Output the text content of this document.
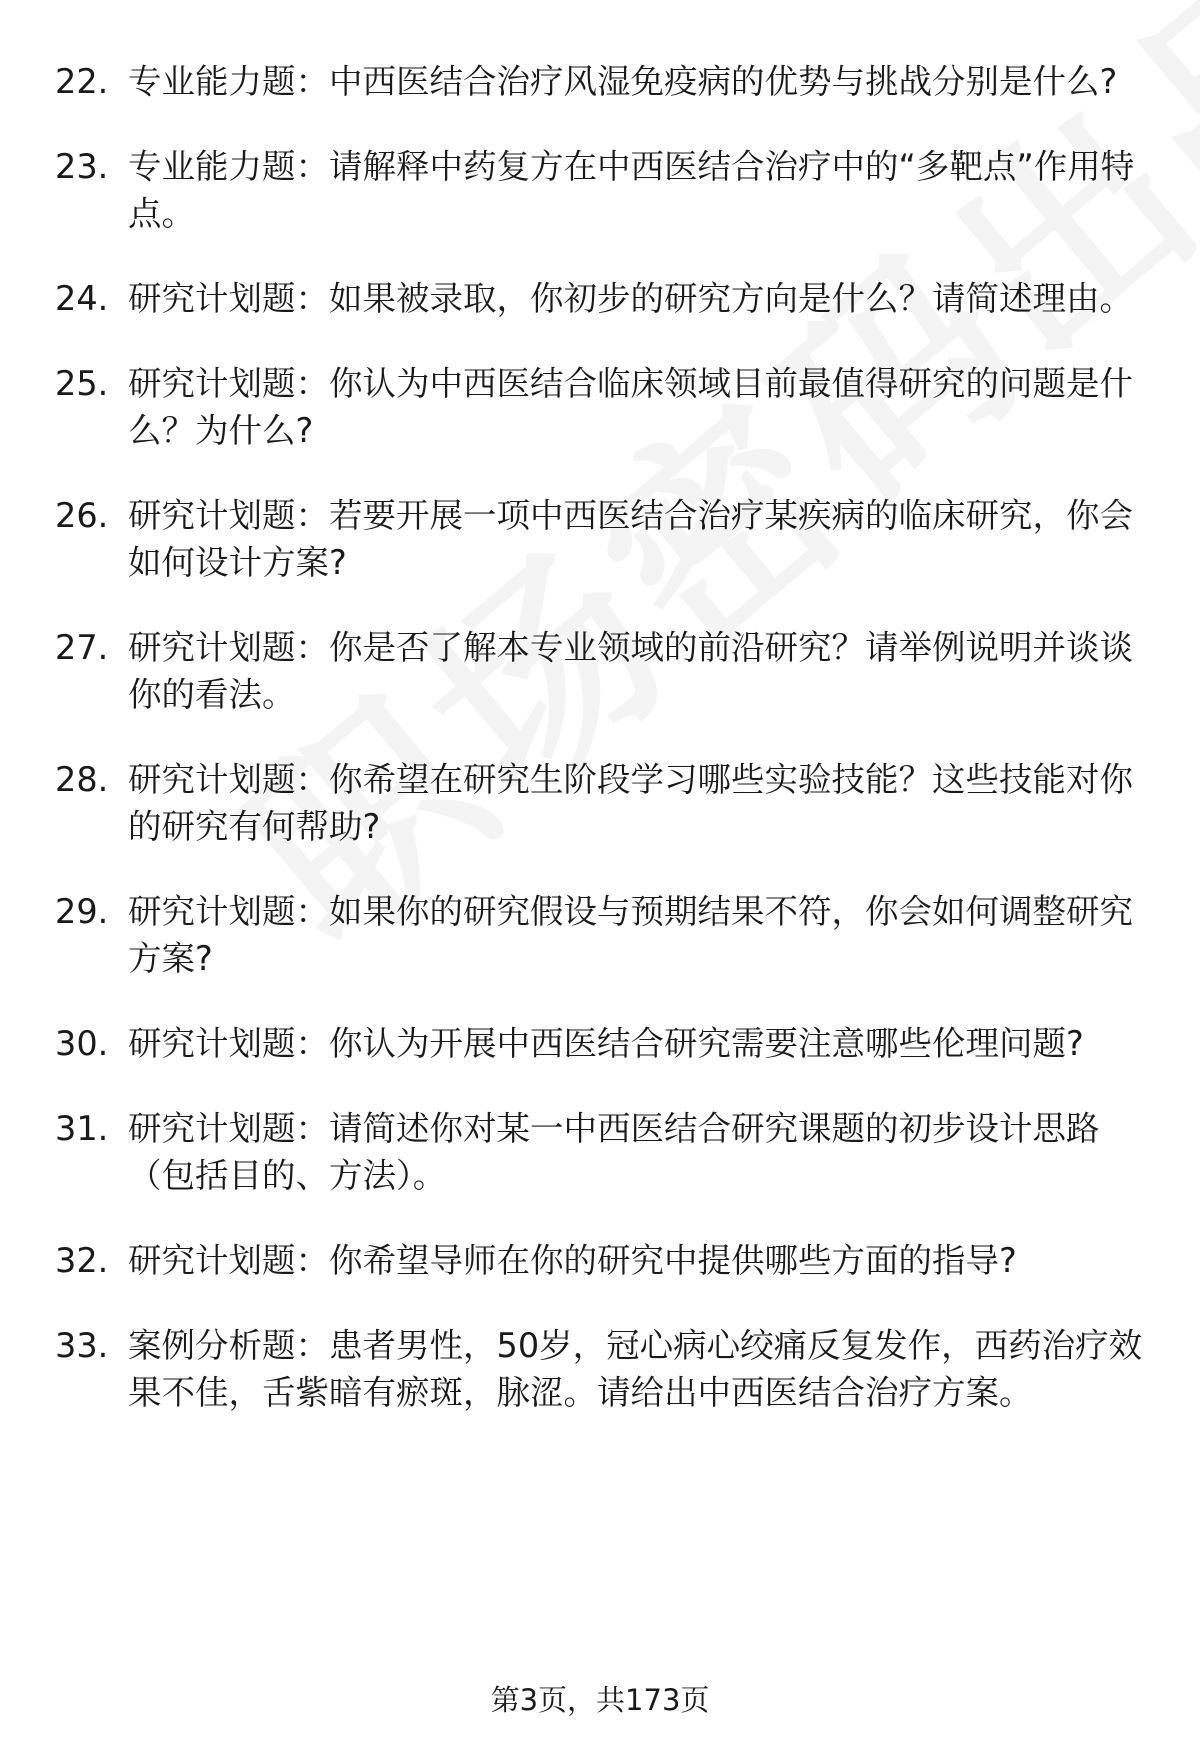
22. 专业能力题：中西医结合治疗风湿免疫病的优势与挑战分别是什么?
23. 专业能力题：请解释中药复方在中西医结合治疗中的“多靶点”作用特点。
24. 研究计划题：如果被录取，你初步的研究方向是什么？请简述理由。
25. 研究计划题：你认为中西医结合临床领域目前最值得研究的问题是什么？为什么?
26. 研究计划题：若要开展一项中西医结合治疗某疾病的临床研究，你会如何设计方案?
27. 研究计划题：你是否了解本专业领域的前沿研究？请举例说明并谈谈你的看法。
28. 研究计划题：你希望在研究生阶段学习哪些实验技能？这些技能对你的研究有何帮助?
29. 研究计划题：如果你的研究假设与预期结果不符，你会如何调整研究方案?
30. 研究计划题：你认为开展中西医结合研究需要注意哪些伦理问题?
31. 研究计划题：请简述你对某一中西医结合研究课题的初步设计思路（包括目的、方法）。
32. 研究计划题：你希望导师在你的研究中提供哪些方面的指导?
33. 案例分析题：患者男性，50岁，冠心病心绞痛反复发作，西药治疗效果不佳，舌紫暗有瘀斑，脉涩。请给出中西医结合治疗方案。
第3页，共173页
